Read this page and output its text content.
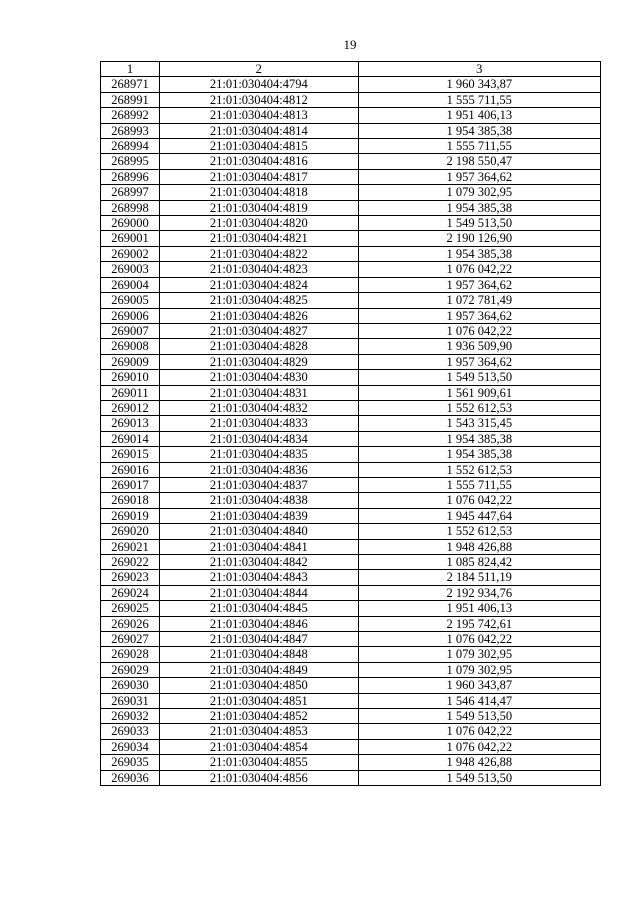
19
1	2	3
268971	21:01:030404:4794	1 960 343,87
268991	21:01:030404:4812	1 555 711,55
268992	21:01:030404:4813	1 951 406,13
268993	21:01:030404:4814	1 954 385,38
268994	21:01:030404:4815	1 555 711,55
268995	21:01:030404:4816	2 198 550,47
268996	21:01:030404:4817	1 957 364,62
268997	21:01:030404:4818	1 079 302,95
268998	21:01:030404:4819	1 954 385,38
269000	21:01:030404:4820	1 549 513,50
269001	21:01:030404:4821	2 190 126,90
269002	21:01:030404:4822	1 954 385,38
269003	21:01:030404:4823	1 076 042,22
269004	21:01:030404:4824	1 957 364,62
269005	21:01:030404:4825	1 072 781,49
269006	21:01:030404:4826	1 957 364,62
269007	21:01:030404:4827	1 076 042,22
269008	21:01:030404:4828	1 936 509,90
269009	21:01:030404:4829	1 957 364,62
269010	21:01:030404:4830	1 549 513,50
269011	21:01:030404:4831	1 561 909,61
269012	21:01:030404:4832	1 552 612,53
269013	21:01:030404:4833	1 543 315,45
269014	21:01:030404:4834	1 954 385,38
269015	21:01:030404:4835	1 954 385,38
269016	21:01:030404:4836	1 552 612,53
269017	21:01:030404:4837	1 555 711,55
269018	21:01:030404:4838	1 076 042,22
269019	21:01:030404:4839	1 945 447,64
269020	21:01:030404:4840	1 552 612,53
269021	21:01:030404:4841	1 948 426,88
269022	21:01:030404:4842	1 085 824,42
269023	21:01:030404:4843	2 184 511,19
269024	21:01:030404:4844	2 192 934,76
269025	21:01:030404:4845	1 951 406,13
269026	21:01:030404:4846	2 195 742,61
269027	21:01:030404:4847	1 076 042,22
269028	21:01:030404:4848	1 079 302,95
269029	21:01:030404:4849	1 079 302,95
269030	21:01:030404:4850	1 960 343,87
269031	21:01:030404:4851	1 546 414,47
269032	21:01:030404:4852	1 549 513,50
269033	21:01:030404:4853	1 076 042,22
269034	21:01:030404:4854	1 076 042,22
269035	21:01:030404:4855	1 948 426,88
269036	21:01:030404:4856	1 549 513,50
